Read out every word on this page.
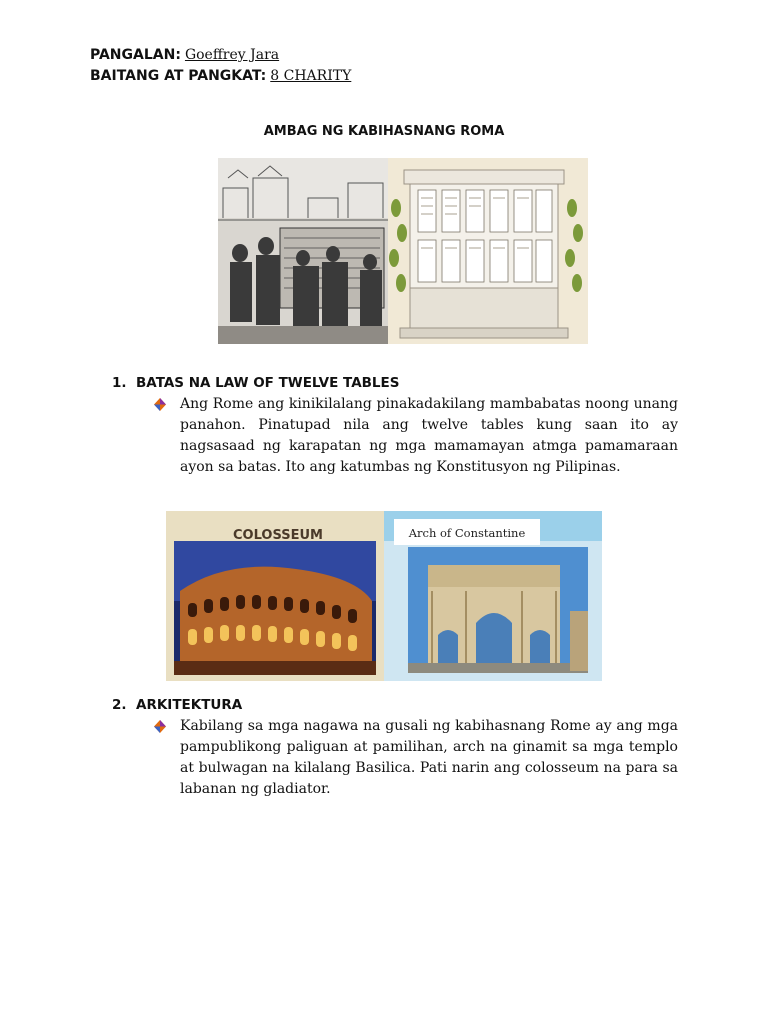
PANGALAN: Goeffrey Jara
BAITANG AT PANGKAT: 8 CHARITY
AMBAG NG KABIHASNANG ROMA
1. BATAS NA LAW OF TWELVE TABLES
Ang Rome ang kinikilalang pinakadakilang mambabatas noong unang panahon. Pinatupad nila ang twelve tables kung saan ito ay nagsasaad ng karapatan ng mga mamamayan atmga pamamaraan ayon sa batas. Ito ang katumbas ng Konstitusyon ng Pilipinas.
COLOSSEUM	Arch of Constantine
2. ARKITEKTURA
Kabilang sa mga nagawa na gusali ng kabihasnang Rome ay ang mga pampublikong paliguan at pamilihan, arch na ginamit sa mga templo at bulwagan na kilalang Basilica. Pati narin ang colosseum na para sa labanan ng gladiator.
